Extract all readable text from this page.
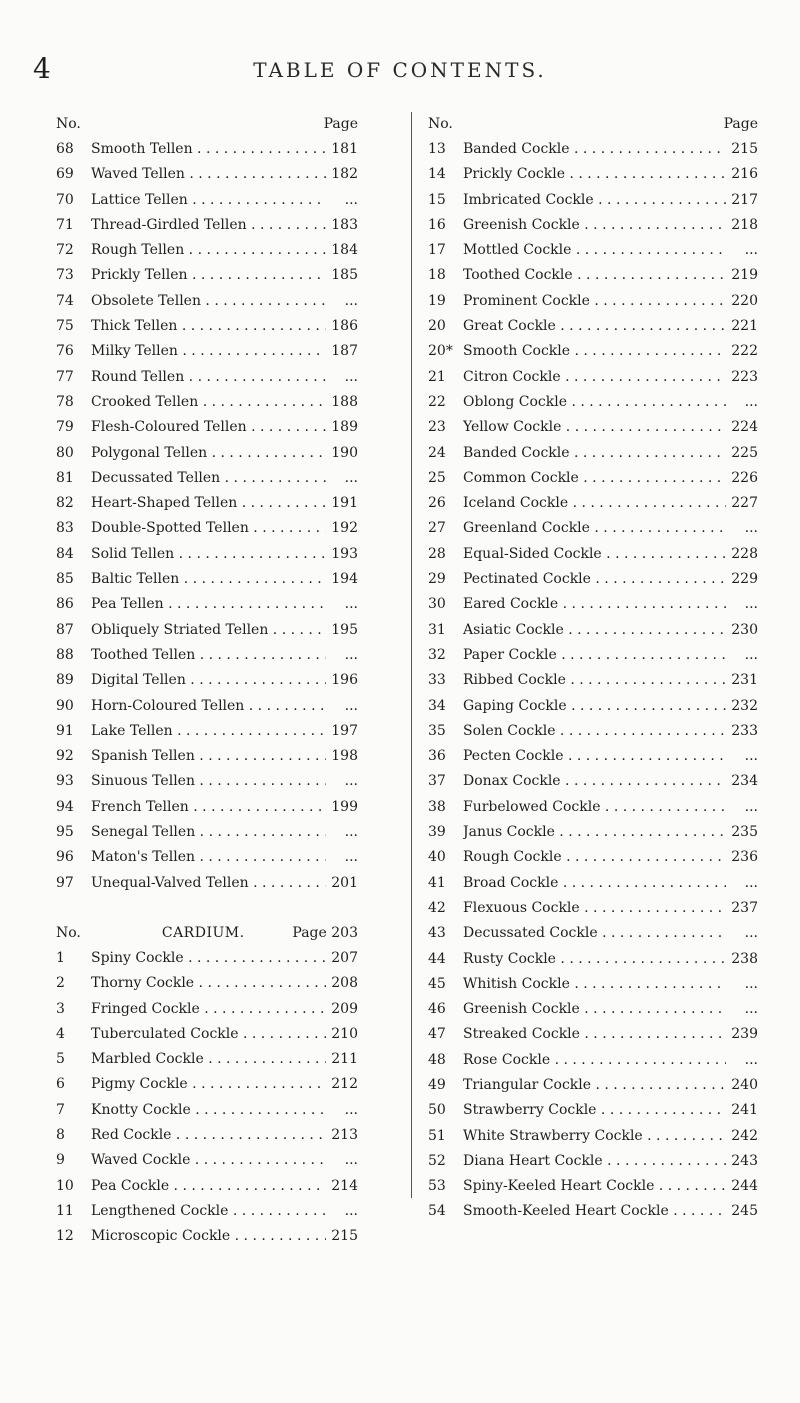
4	TABLE OF CONTENTS.
No.	Page
68	Smooth Tellen . . .	181
69	Waved Tellen . . .	182
70	Lattice Tellen . . .	...
71	Thread-Girdled Tellen . . .	183
72	Rough Tellen . . .	184
73	Prickly Tellen . . .	185
74	Obsolete Tellen . . .	...
75	Thick Tellen . . .	186
76	Milky Tellen . . .	187
77	Round Tellen . . .	...
78	Crooked Tellen . . .	188
79	Flesh-Coloured Tellen . . .	189
80	Polygonal Tellen . . .	190
81	Decussated Tellen . . .	...
82	Heart-Shaped Tellen . . .	191
83	Double-Spotted Tellen . . .	192
84	Solid Tellen . . .	193
85	Baltic Tellen . . .	194
86	Pea Tellen . . .	...
87	Obliquely Striated Tellen . . .	195
88	Toothed Tellen . . .	...
89	Digital Tellen . . .	196
90	Horn-Coloured Tellen . . .	...
91	Lake Tellen . . .	197
92	Spanish Tellen . . .	198
93	Sinuous Tellen . . .	...
94	French Tellen . . .	199
95	Senegal Tellen . . .	...
96	Maton's Tellen . . .	...
97	Unequal-Valved Tellen . . .	201
No.	CARDIUM.	Page 203
1	Spiny Cockle . . .	207
2	Thorny Cockle . . .	208
3	Fringed Cockle . . .	209
4	Tuberculated Cockle . . .	210
5	Marbled Cockle . . .	211
6	Pigmy Cockle . . .	212
7	Knotty Cockle . . .	...
8	Red Cockle . . .	213
9	Waved Cockle . . .	...
10	Pea Cockle . . .	214
11	Lengthened Cockle . . .	...
12	Microscopic Cockle . . .	215
No.	Page
13	Banded Cockle . . .	215
14	Prickly Cockle . . .	216
15	Imbricated Cockle . . .	217
16	Greenish Cockle . . .	218
17	Mottled Cockle . . .	...
18	Toothed Cockle . . .	219
19	Prominent Cockle . . .	220
20	Great Cockle . . .	221
20* Smooth Cockle . . .	222
21	Citron Cockle . . .	223
22	Oblong Cockle . . .	...
23	Yellow Cockle . . .	224
24	Banded Cockle . . .	225
25	Common Cockle . . .	226
26	Iceland Cockle . . .	227
27	Greenland Cockle . . .	...
28	Equal-Sided Cockle . . .	228
29	Pectinated Cockle . . .	229
30	Eared Cockle . . .	...
31	Asiatic Cockle . . .	230
32	Paper Cockle . . .	...
33	Ribbed Cockle . . .	231
34	Gaping Cockle . . .	232
35	Solen Cockle . . .	233
36	Pecten Cockle . . .	...
37	Donax Cockle . . .	234
38	Furbelowed Cockle . . .	...
39	Janus Cockle . . .	235
40	Rough Cockle . . .	236
41	Broad Cockle . . .	...
42	Flexuous Cockle . . .	237
43	Decussated Cockle . . .	...
44	Rusty Cockle . . .	238
45	Whitish Cockle . . .	...
46	Greenish Cockle . . .	...
47	Streaked Cockle . . .	239
48	Rose Cockle . . .	...
49	Triangular Cockle . . .	240
50	Strawberry Cockle . . .	241
51	White Strawberry Cockle . . .	242
52	Diana Heart Cockle . . .	243
53	Spiny-Keeled Heart Cockle . . .	244
54	Smooth-Keeled Heart Cockle . . .	245
